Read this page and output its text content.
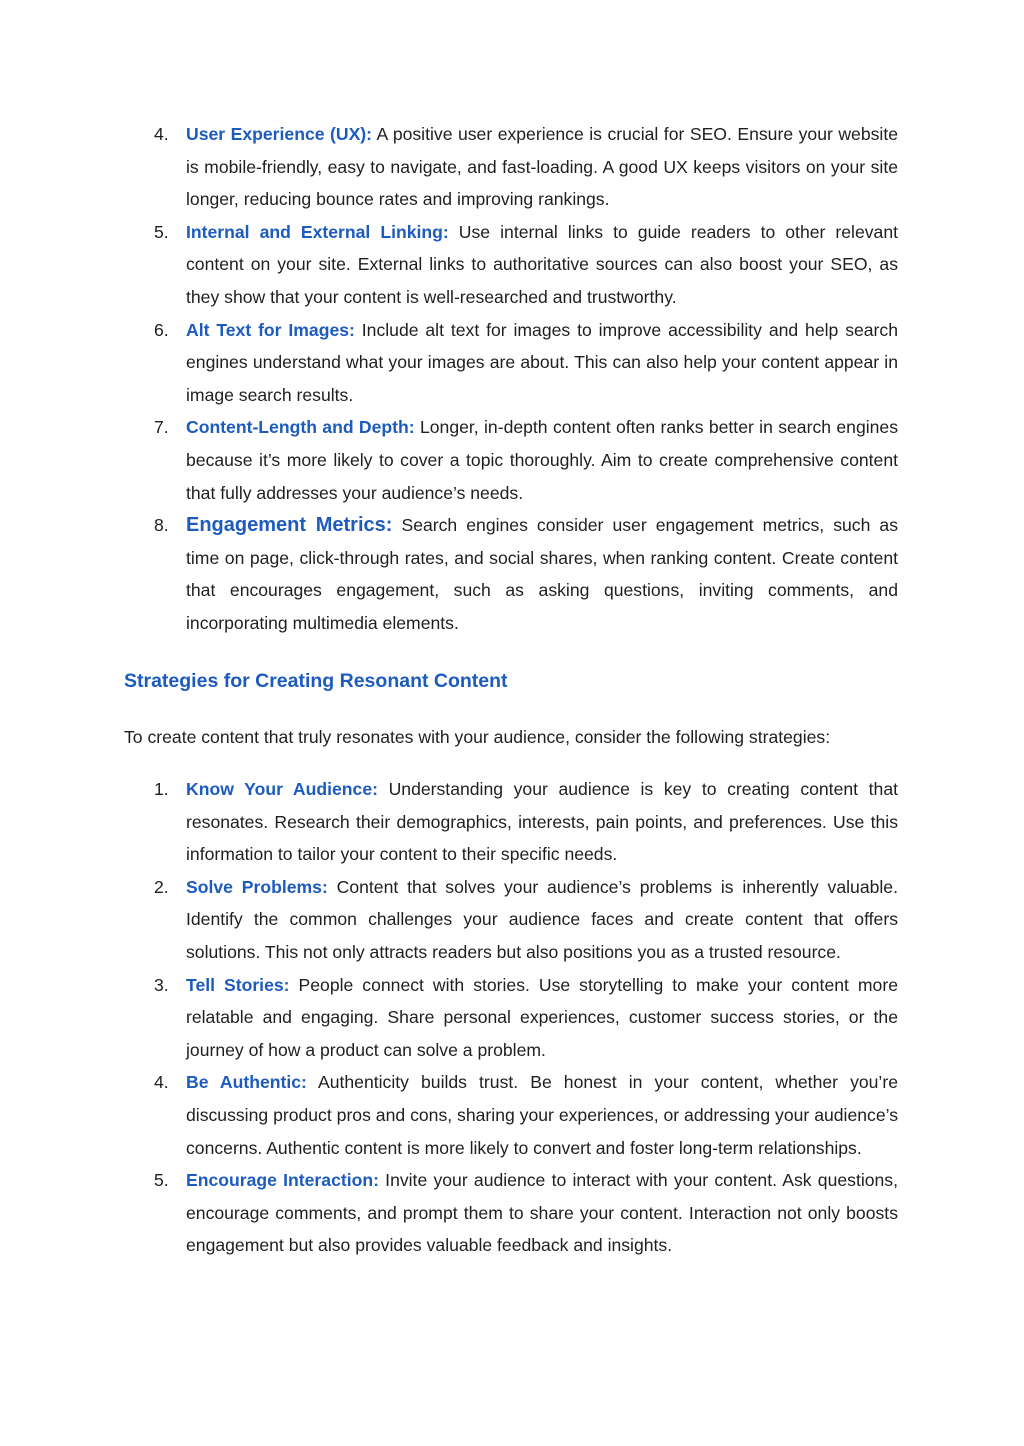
4. User Experience (UX): A positive user experience is crucial for SEO. Ensure your website is mobile-friendly, easy to navigate, and fast-loading. A good UX keeps visitors on your site longer, reducing bounce rates and improving rankings.
5. Internal and External Linking: Use internal links to guide readers to other relevant content on your site. External links to authoritative sources can also boost your SEO, as they show that your content is well-researched and trustworthy.
6. Alt Text for Images: Include alt text for images to improve accessibility and help search engines understand what your images are about. This can also help your content appear in image search results.
7. Content-Length and Depth: Longer, in-depth content often ranks better in search engines because it’s more likely to cover a topic thoroughly. Aim to create comprehensive content that fully addresses your audience’s needs.
8. Engagement Metrics: Search engines consider user engagement metrics, such as time on page, click-through rates, and social shares, when ranking content. Create content that encourages engagement, such as asking questions, inviting comments, and incorporating multimedia elements.
Strategies for Creating Resonant Content

To create content that truly resonates with your audience, consider the following strategies:

1. Know Your Audience: Understanding your audience is key to creating content that resonates. Research their demographics, interests, pain points, and preferences. Use this information to tailor your content to their specific needs.
2. Solve Problems: Content that solves your audience’s problems is inherently valuable. Identify the common challenges your audience faces and create content that offers solutions. This not only attracts readers but also positions you as a trusted resource.
3. Tell Stories: People connect with stories. Use storytelling to make your content more relatable and engaging. Share personal experiences, customer success stories, or the journey of how a product can solve a problem.
4. Be Authentic: Authenticity builds trust. Be honest in your content, whether you’re discussing product pros and cons, sharing your experiences, or addressing your audience’s concerns. Authentic content is more likely to convert and foster long-term relationships.
5. Encourage Interaction: Invite your audience to interact with your content. Ask questions, encourage comments, and prompt them to share your content. Interaction not only boosts engagement but also provides valuable feedback and insights.
